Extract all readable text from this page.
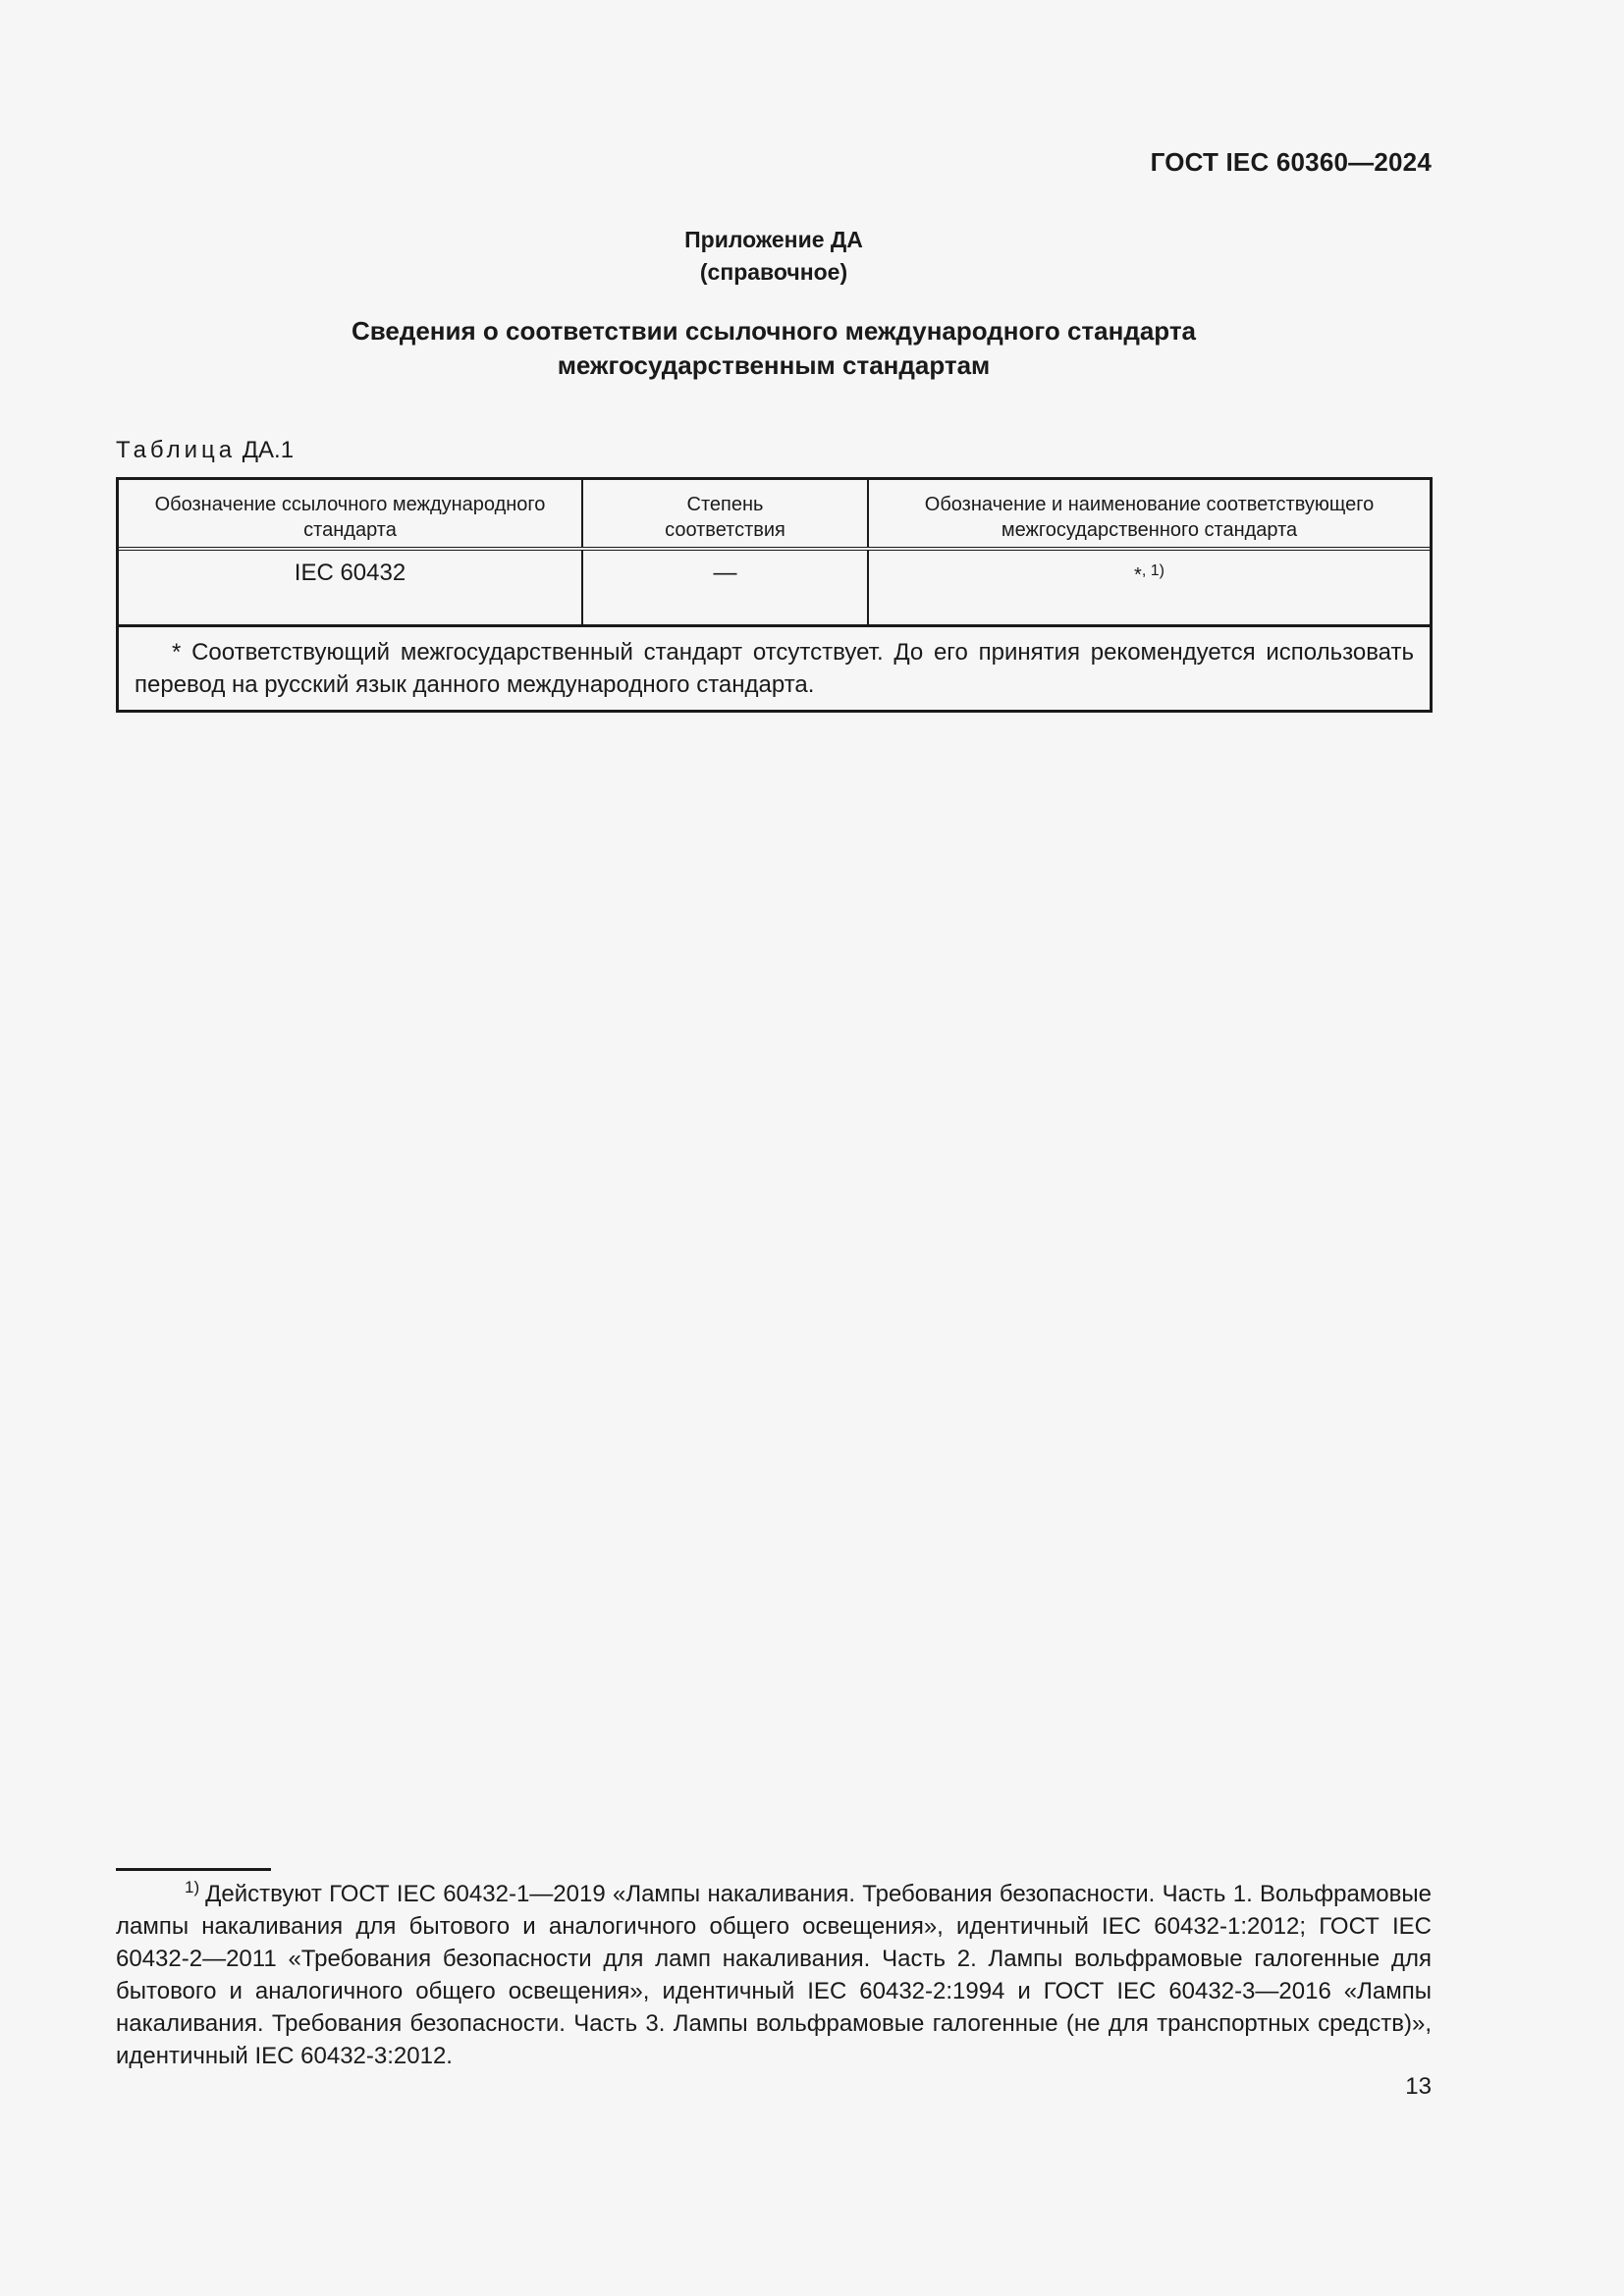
ГОСТ IEC 60360—2024
Приложение ДА
(справочное)
Сведения о соответствии ссылочного международного стандарта
межгосударственным стандартам
Таблица ДА.1
Обозначение ссылочного международного
стандарта
Степень
соответствия
Обозначение и наименование соответствующего
межгосударственного стандарта
IEC 60432	—	*$^{, 1)}$
* Соответствующий межгосударственный стандарт отсутствует. До его принятия рекомендуется использовать перевод на русский язык данного международного стандарта.
$^{1)}$ Действуют ГОСТ IEC 60432-1—2019 «Лампы накаливания. Требования безопасности. Часть 1. Вольфрамовые лампы накаливания для бытового и аналогичного общего освещения», идентичный IEC 60432-1:2012; ГОСТ IEC 60432-2—2011 «Требования безопасности для ламп накаливания. Часть 2. Лампы вольфрамовые галогенные для бытового и аналогичного общего освещения», идентичный IEC 60432-2:1994 и ГОСТ IEC 60432-3—2016 «Лампы накаливания. Требования безопасности. Часть 3. Лампы вольфрамовые галогенные (не для транспортных средств)», идентичный IEC 60432-3:2012.
13
